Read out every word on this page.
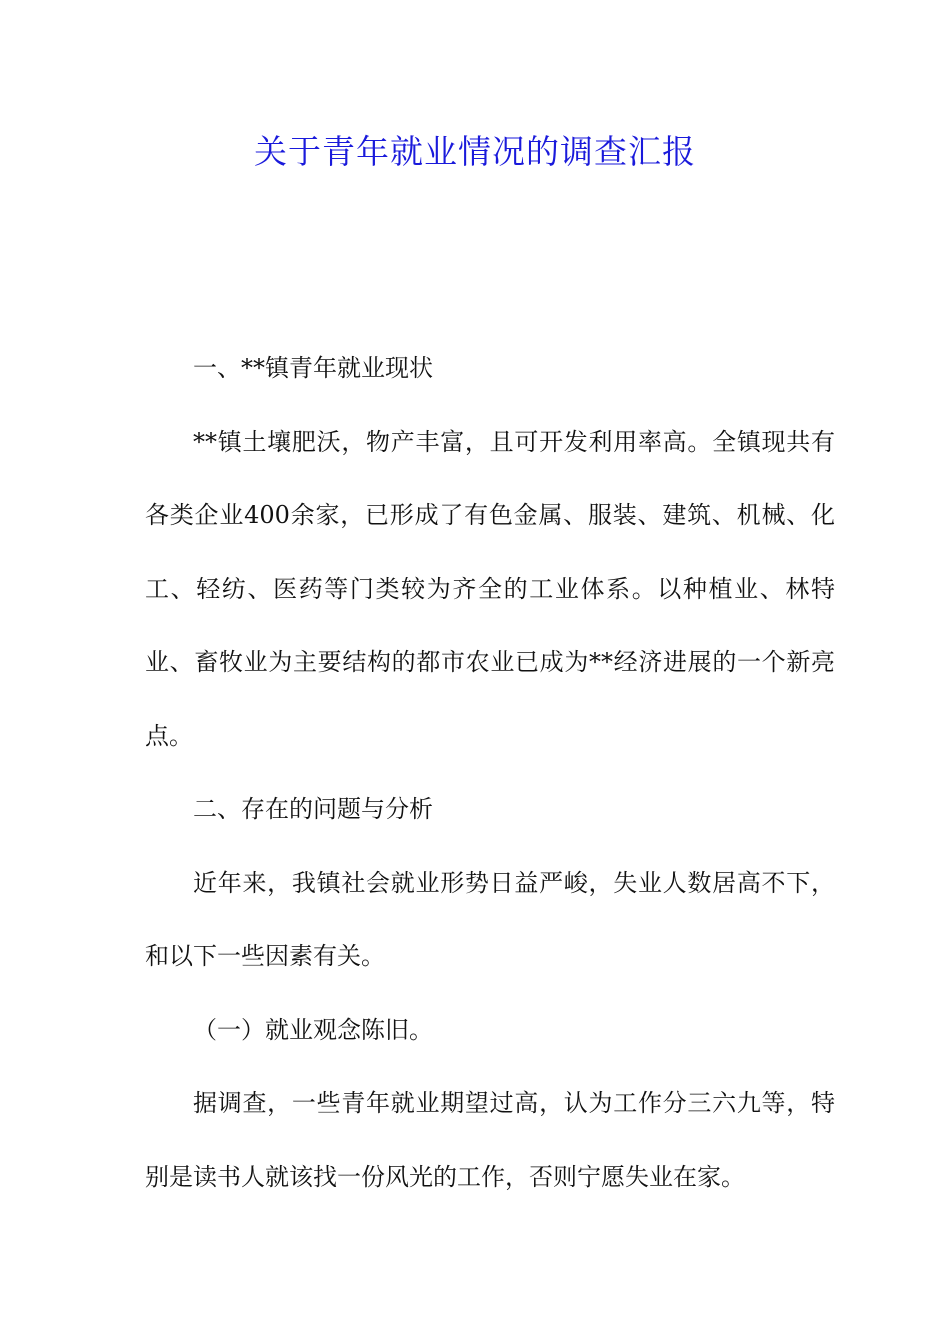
关于青年就业情况的调查汇报

一、**镇青年就业现状

**镇土壤肥沃，物产丰富，且可开发利用率高。全镇现共有各类企业400余家，已形成了有色金属、服装、建筑、机械、化工、轻纺、医药等门类较为齐全的工业体系。以种植业、林特业、畜牧业为主要结构的都市农业已成为**经济进展的一个新亮点。

二、存在的问题与分析

近年来，我镇社会就业形势日益严峻，失业人数居高不下，和以下一些因素有关。

（一）就业观念陈旧。

据调查，一些青年就业期望过高，认为工作分三六九等，特别是读书人就该找一份风光的工作，否则宁愿失业在家。
